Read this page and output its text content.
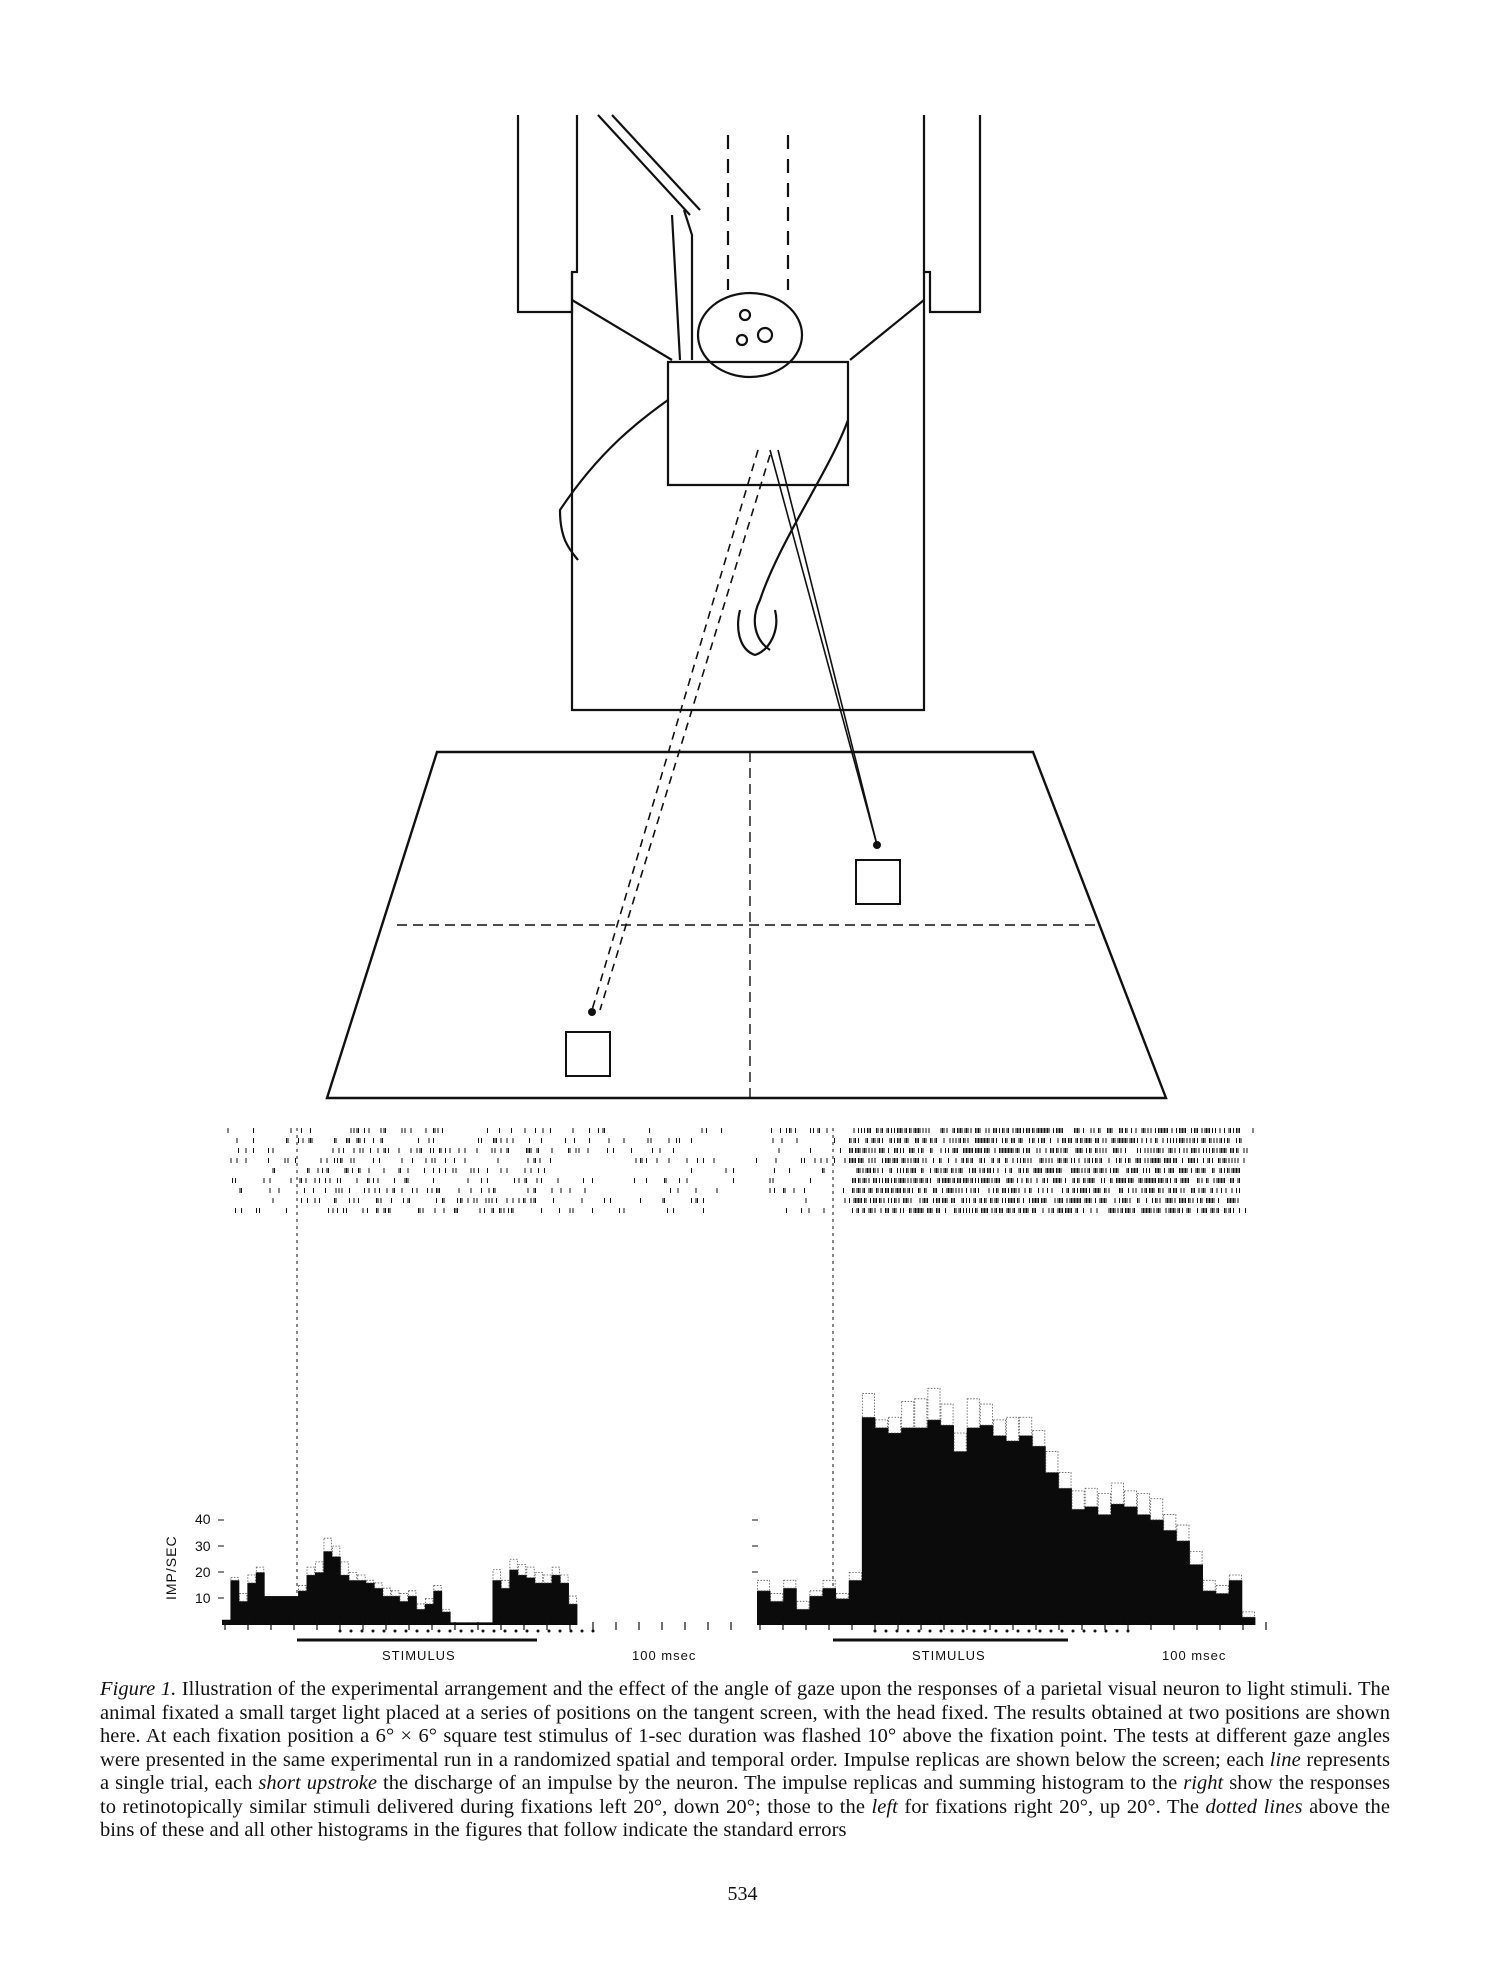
IMP/SEC
40
30
20
10
STIMULUS	100 msec	STIMULUS	100 msec
Figure 1. Illustration of the experimental arrangement and the effect of the angle of gaze upon the responses of a parietal visual neuron to light stimuli. The animal fixated a small target light placed at a series of positions on the tangent screen, with the head fixed. The results obtained at two positions are shown here. At each fixation position a 6° × 6° square test stimulus of 1-sec duration was flashed 10° above the fixation point. The tests at different gaze angles were presented in the same experimental run in a randomized spatial and temporal order. Impulse replicas are shown below the screen; each line represents a single trial, each short upstroke the discharge of an impulse by the neuron. The impulse replicas and summing histogram to the right show the responses to retinotopically similar stimuli delivered during fixations left 20°, down 20°; those to the left for fixations right 20°, up 20°. The dotted lines above the bins of these and all other histograms in the figures that follow indicate the standard errors
534
